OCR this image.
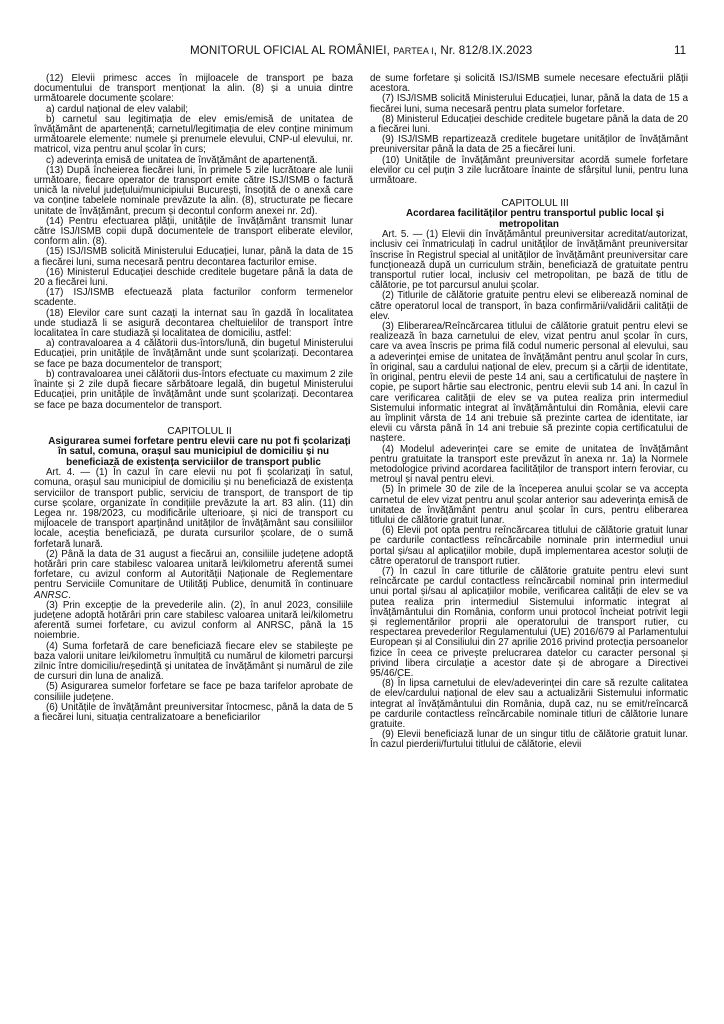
MONITORUL OFICIAL AL ROMÂNIEI, PARTEA I, Nr. 812/8.IX.2023	11

(12) Elevii primesc acces în mijloacele de transport pe baza documentului de transport menționat la alin. (8) și a unuia dintre următoarele documente școlare:

a) cardul național de elev valabil;

b) carnetul sau legitimația de elev emis/emisă de unitatea de învățământ de apartenență; carnetul/legitimația de elev conține minimum următoarele elemente: numele și prenumele elevului, CNP-ul elevului, nr. matricol, viza pentru anul școlar în curs;

c) adeverința emisă de unitatea de învățământ de apartenență.

(13) După încheierea fiecărei luni, în primele 5 zile lucrătoare ale lunii următoare, fiecare operator de transport emite către ISJ/ISMB o factură unică la nivelul județului/municipiului București, însoțită de o anexă care va conține tabelele nominale prevăzute la alin. (8), structurate pe fiecare unitate de învățământ, precum și decontul conform anexei nr. 2d).

(14) Pentru efectuarea plății, unitățile de învățământ transmit lunar către ISJ/ISMB copii după documentele de transport eliberate elevilor, conform alin. (8).

(15) ISJ/ISMB solicită Ministerului Educației, lunar, până la data de 15 a fiecărei luni, suma necesară pentru decontarea facturilor emise.

(16) Ministerul Educației deschide creditele bugetare până la data de 20 a fiecărei luni.

(17) ISJ/ISMB efectuează plata facturilor conform termenelor scadente.

(18) Elevilor care sunt cazați la internat sau în gazdă în localitatea unde studiază li se asigură decontarea cheltuielilor de transport între localitatea în care studiază și localitatea de domiciliu, astfel:

a) contravaloarea a 4 călătorii dus-întors/lună, din bugetul Ministerului Educației, prin unitățile de învățământ unde sunt școlarizați. Decontarea se face pe baza documentelor de transport;

b) contravaloarea unei călătorii dus-întors efectuate cu maximum 2 zile înainte și 2 zile după fiecare sărbătoare legală, din bugetul Ministerului Educației, prin unitățile de învățământ unde sunt școlarizați. Decontarea se face pe baza documentelor de transport.

CAPITOLUL II

Asigurarea sumei forfetare pentru elevii care nu pot fi școlarizați în satul, comuna, orașul sau municipiul de domiciliu și nu beneficiază de existența serviciilor de transport public

Art. 4. — (1) În cazul în care elevii nu pot fi școlarizați în satul, comuna, orașul sau municipiul de domiciliu și nu beneficiază de existența serviciilor de transport public, serviciu de transport, de transport de tip curse școlare, organizate în condițiile prevăzute la art. 83 alin. (11) din Legea nr. 198/2023, cu modificările ulterioare, și nici de transport cu mijloacele de transport aparținând unităților de învățământ sau consiliilor locale, aceștia beneficiază, pe durata cursurilor școlare, de o sumă forfetară lunară.

(2) Până la data de 31 august a fiecărui an, consiliile județene adoptă hotărâri prin care stabilesc valoarea unitară lei/kilometru aferentă sumei forfetare, cu avizul conform al Autorității Naționale de Reglementare pentru Serviciile Comunitare de Utilități Publice, denumită în continuare ANRSC.

(3) Prin excepție de la prevederile alin. (2), în anul 2023, consiliile județene adoptă hotărâri prin care stabilesc valoarea unitară lei/kilometru aferentă sumei forfetare, cu avizul conform al ANRSC, până la 15 noiembrie.

(4) Suma forfetară de care beneficiază fiecare elev se stabilește pe baza valorii unitare lei/kilometru înmulțită cu numărul de kilometri parcurși zilnic între domiciliu/reședință și unitatea de învățământ și numărul de zile de cursuri din luna de analiză.

(5) Asigurarea sumelor forfetare se face pe baza tarifelor aprobate de consiliile județene.

(6) Unitățile de învățământ preuniversitar întocmesc, până la data de 5 a fiecărei luni, situația centralizatoare a beneficiarilor

de sume forfetare și solicită ISJ/ISMB sumele necesare efectuării plății acestora.

(7) ISJ/ISMB solicită Ministerului Educației, lunar, până la data de 15 a fiecărei luni, suma necesară pentru plata sumelor forfetare.

(8) Ministerul Educației deschide creditele bugetare până la data de 20 a fiecărei luni.

(9) ISJ/ISMB repartizează creditele bugetare unităților de învățământ preuniversitar până la data de 25 a fiecărei luni.

(10) Unitățile de învățământ preuniversitar acordă sumele forfetare elevilor cu cel puțin 3 zile lucrătoare înainte de sfârșitul lunii, pentru luna următoare.

CAPITOLUL III

Acordarea facilităților pentru transportul public local și metropolitan

Art. 5. — (1) Elevii din învățământul preuniversitar acreditat/autorizat, inclusiv cei înmatriculați în cadrul unităților de învățământ preuniversitar înscrise în Registrul special al unităților de învățământ preuniversitar care funcționează după un curriculum străin, beneficiază de gratuitate pentru transportul rutier local, inclusiv cel metropolitan, pe bază de titlu de călătorie, pe tot parcursul anului școlar.

(2) Titlurile de călătorie gratuite pentru elevi se eliberează nominal de către operatorul local de transport, în baza confirmării/validării calității de elev.

(3) Eliberarea/Reîncărcarea titlului de călătorie gratuit pentru elevi se realizează în baza carnetului de elev, vizat pentru anul școlar în curs, care va avea înscris pe prima filă codul numeric personal al elevului, sau a adeverinței emise de unitatea de învățământ pentru anul școlar în curs, în original, sau a cardului național de elev, precum și a cărții de identitate, în original, pentru elevii de peste 14 ani, sau a certificatului de naștere în copie, pe suport hârtie sau electronic, pentru elevii sub 14 ani. În cazul în care verificarea calității de elev se va putea realiza prin intermediul Sistemului informatic integrat al învățământului din România, elevii care au împlinit vârsta de 14 ani trebuie să prezinte cartea de identitate, iar elevii cu vârsta până în 14 ani trebuie să prezinte copia certificatului de naștere.

(4) Modelul adeverinței care se emite de unitatea de învățământ pentru gratuitate la transport este prevăzut în anexa nr. 1a) la Normele metodologice privind acordarea facilităților de transport intern feroviar, cu metroul și naval pentru elevi.

(5) În primele 30 de zile de la începerea anului școlar se va accepta carnetul de elev vizat pentru anul școlar anterior sau adeverința emisă de unitatea de învățământ pentru anul școlar în curs, pentru eliberarea titlului de călătorie gratuit lunar.

(6) Elevii pot opta pentru reîncărcarea titlului de călătorie gratuit lunar pe cardurile contactless reîncărcabile nominale prin intermediul unui portal și/sau al aplicațiilor mobile, după implementarea acestor soluții de către operatorul de transport rutier.

(7) În cazul în care titlurile de călătorie gratuite pentru elevi sunt reîncărcate pe cardul contactless reîncărcabil nominal prin intermediul unui portal și/sau al aplicațiilor mobile, verificarea calității de elev se va putea realiza prin intermediul Sistemului informatic integrat al învățământului din România, conform unui protocol încheiat potrivit legii și reglementărilor proprii ale operatorului de transport rutier, cu respectarea prevederilor Regulamentului (UE) 2016/679 al Parlamentului European și al Consiliului din 27 aprilie 2016 privind protecția persoanelor fizice în ceea ce privește prelucrarea datelor cu caracter personal și privind libera circulație a acestor date și de abrogare a Directivei 95/46/CE.

(8) În lipsa carnetului de elev/adeverinței din care să rezulte calitatea de elev/cardului național de elev sau a actualizării Sistemului informatic integrat al învățământului din România, după caz, nu se emit/reîncarcă pe cardurile contactless reîncărcabile nominale titluri de călătorie lunare gratuite.

(9) Elevii beneficiază lunar de un singur titlu de călătorie gratuit lunar. În cazul pierderii/furtului titlului de călătorie, elevii
